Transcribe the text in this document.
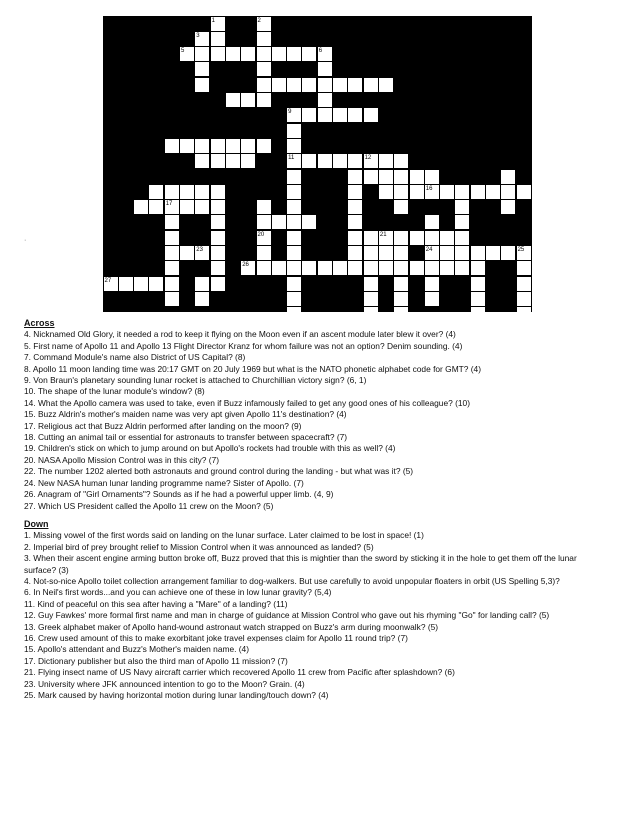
1	2
3	4
5	6
7
8
9
10
11	12	13
14	15
16
17	18
19
20	21
22	23	24	25
26
27
·
Across
4. Nicknamed Old Glory, it needed a rod to keep it flying on the Moon even if an ascent module later blew it over? (4)
5. First name of Apollo 11 and Apollo 13 Flight Director Kranz for whom failure was not an option? Denim sounding. (4)
7. Command Module's name also District of US Capital? (8)
8. Apollo 11 moon landing time was 20:17 GMT on 20 July 1969 but what is the NATO phonetic alphabet code for GMT? (4)
9. Von Braun's planetary sounding lunar rocket is attached to Churchillian victory sign? (6, 1)
10. The shape of the lunar module's window? (8)
14. What the Apollo camera was used to take, even if Buzz infamously failed to get any good ones of his colleague? (10)
15. Buzz Aldrin's mother's maiden name was very apt given Apollo 11's destination? (4)
17. Religious act that Buzz Aldrin performed after landing on the moon? (9)
18. Cutting an animal tail or essential for astronauts to transfer between spacecraft? (7)
19. Children's stick on which to jump around on but Apollo's rockets had trouble with this as well? (4)
20. NASA Apollo Mission Control was in this city? (7)
22. The number 1202 alerted both astronauts and ground control during the landing - but what was it? (5)
24. New NASA human lunar landing programme name? Sister of Apollo. (7)
26. Anagram of "Girl Ornaments"? Sounds as if he had a powerful upper limb. (4, 9)
27. Which US President called the Apollo 11 crew on the Moon? (5)
Down
1. Missing vowel of the first words said on landing on the lunar surface. Later claimed to be lost in space! (1)
2. Imperial bird of prey brought relief to Mission Control when it was announced as landed? (5)
3. When their ascent engine arming button broke off, Buzz proved that this is mightier than the sword by sticking it in the hole to get them off the lunar surface? (3)
4. Not-so-nice Apollo toilet collection arrangement familiar to dog-walkers. But use carefully to avoid unpopular floaters in orbit (US Spelling 5,3)?
6. In Neil's first words...and you can achieve one of these in low lunar gravity? (5,4)
11. Kind of peaceful on this sea after having a "Mare" of a landing? (11)
12. Guy Fawkes' more formal first name and man in charge of guidance at Mission Control who gave out his rhyming "Go" for landing call? (5)
13. Greek alphabet maker of Apollo hand-wound astronaut watch strapped on Buzz's arm during moonwalk? (5)
16. Crew used amount of this to make exorbitant joke travel expenses claim for Apollo 11 round trip? (7)
15. Apollo's attendant and Buzz's Mother's maiden name. (4)
17. Dictionary publisher but also the third man of Apollo 11 mission? (7)
21. Flying insect name of US Navy aircraft carrier which recovered Apollo 11 crew from Pacific after splashdown? (6)
23. University where JFK announced intention to go to the Moon? Grain. (4)
25. Mark caused by having horizontal motion during lunar landing/touch down? (4)
